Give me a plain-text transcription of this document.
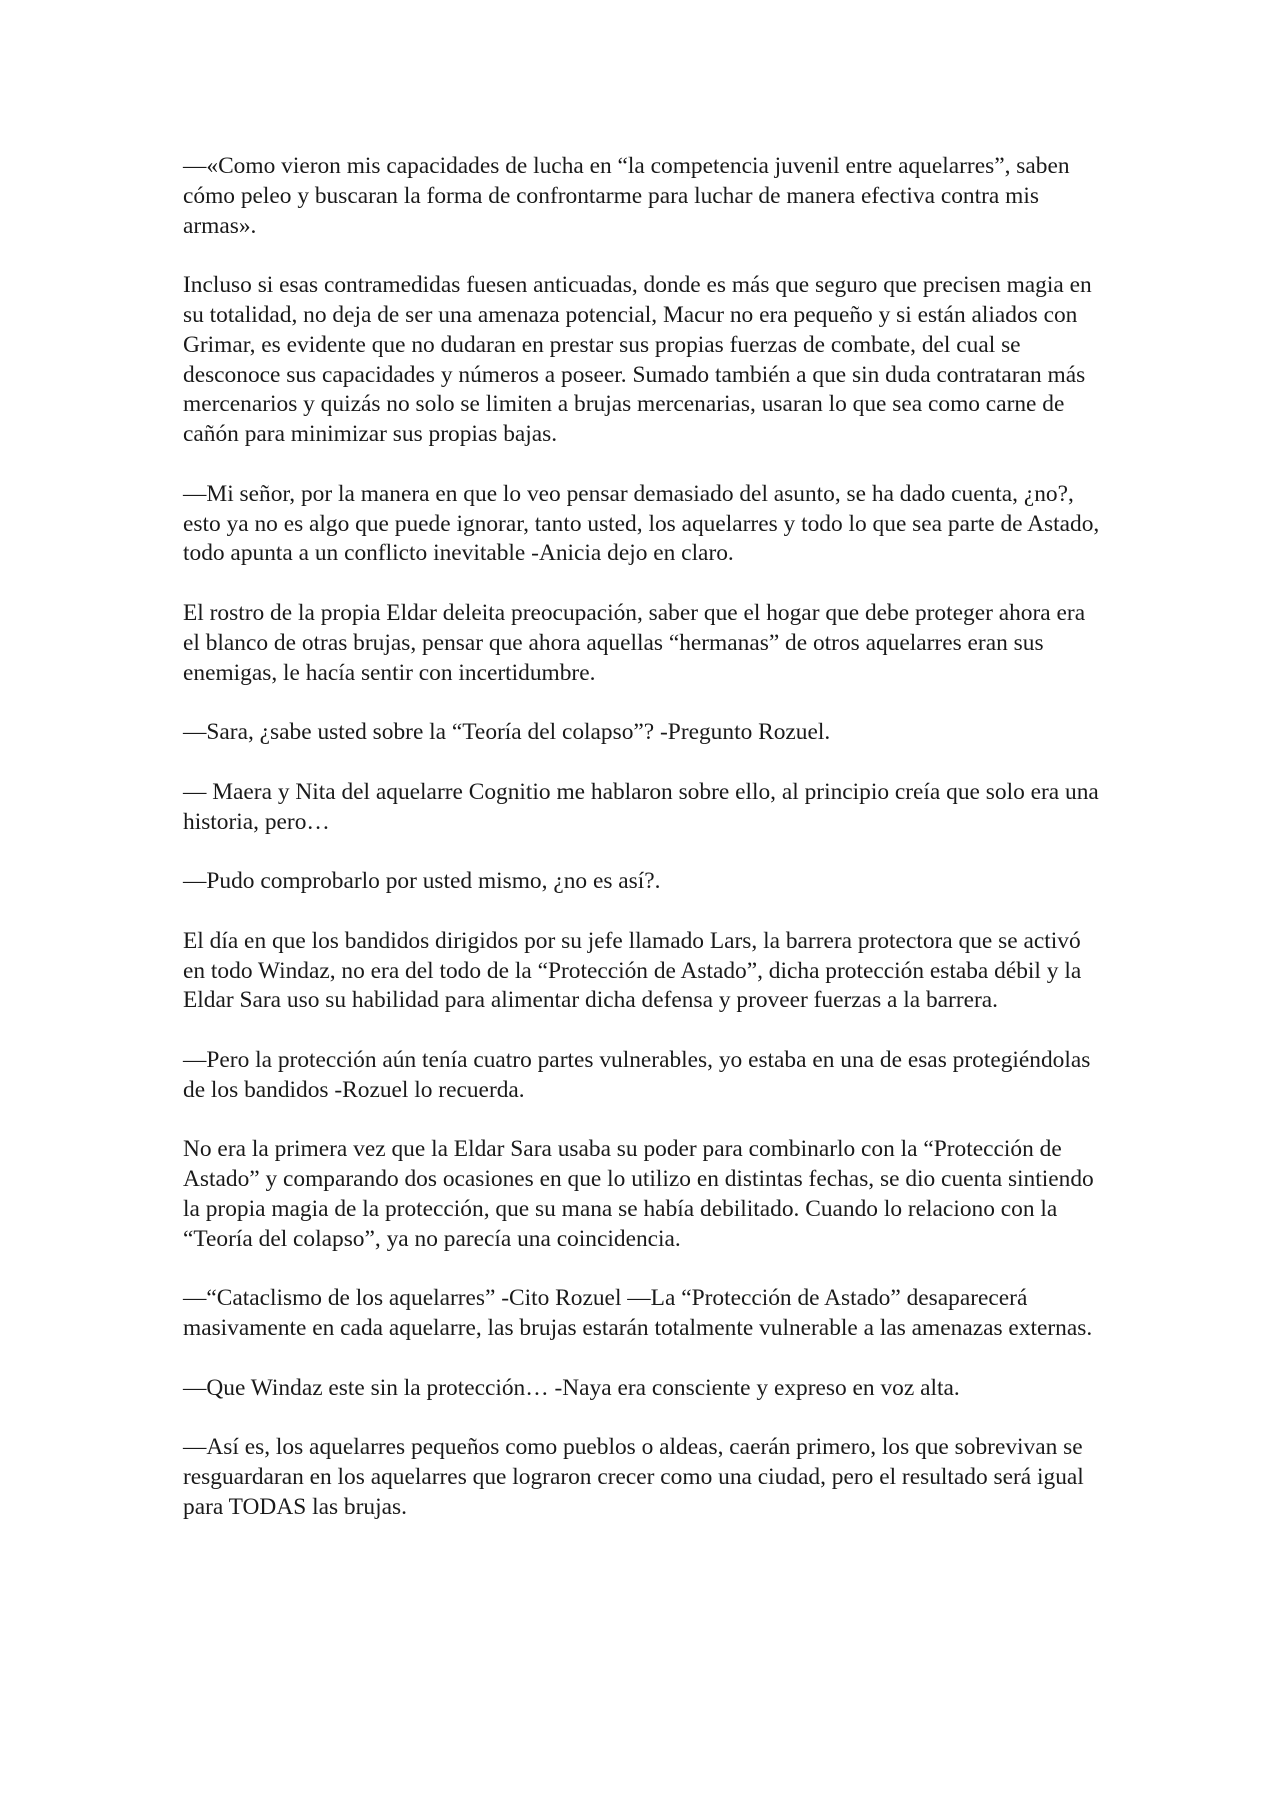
—«Como vieron mis capacidades de lucha en “la competencia juvenil entre aquelarres”, saben cómo peleo y buscaran la forma de confrontarme para luchar de manera efectiva contra mis armas».

Incluso si esas contramedidas fuesen anticuadas, donde es más que seguro que precisen magia en su totalidad, no deja de ser una amenaza potencial, Macur no era pequeño y si están aliados con Grimar, es evidente que no dudaran en prestar sus propias fuerzas de combate, del cual se desconoce sus capacidades y números a poseer. Sumado también a que sin duda contrataran más mercenarios y quizás no solo se limiten a brujas mercenarias, usaran lo que sea como carne de cañón para minimizar sus propias bajas.

—Mi señor, por la manera en que lo veo pensar demasiado del asunto, se ha dado cuenta, ¿no?, esto ya no es algo que puede ignorar, tanto usted, los aquelarres y todo lo que sea parte de Astado, todo apunta a un conflicto inevitable -Anicia dejo en claro.

El rostro de la propia Eldar deleita preocupación, saber que el hogar que debe proteger ahora era el blanco de otras brujas, pensar que ahora aquellas “hermanas” de otros aquelarres eran sus enemigas, le hacía sentir con incertidumbre.

—Sara, ¿sabe usted sobre la “Teoría del colapso”? -Pregunto Rozuel.

— Maera y Nita del aquelarre Cognitio me hablaron sobre ello, al principio creía que solo era una historia, pero…

—Pudo comprobarlo por usted mismo, ¿no es así?.

El día en que los bandidos dirigidos por su jefe llamado Lars, la barrera protectora que se activó en todo Windaz, no era del todo de la “Protección de Astado”, dicha protección estaba débil y la Eldar Sara uso su habilidad para alimentar dicha defensa y proveer fuerzas a la barrera.

—Pero la protección aún tenía cuatro partes vulnerables, yo estaba en una de esas protegiéndolas de los bandidos -Rozuel lo recuerda.

No era la primera vez que la Eldar Sara usaba su poder para combinarlo con la “Protección de Astado” y comparando dos ocasiones en que lo utilizo en distintas fechas, se dio cuenta sintiendo la propia magia de la protección, que su mana se había debilitado. Cuando lo relaciono con la “Teoría del colapso”, ya no parecía una coincidencia.

—“Cataclismo de los aquelarres” -Cito Rozuel —La “Protección de Astado” desaparecerá masivamente en cada aquelarre, las brujas estarán totalmente vulnerable a las amenazas externas.

—Que Windaz este sin la protección… -Naya era consciente y expreso en voz alta.

—Así es, los aquelarres pequeños como pueblos o aldeas, caerán primero, los que sobrevivan se resguardaran en los aquelarres que lograron crecer como una ciudad, pero el resultado será igual para TODAS las brujas.
